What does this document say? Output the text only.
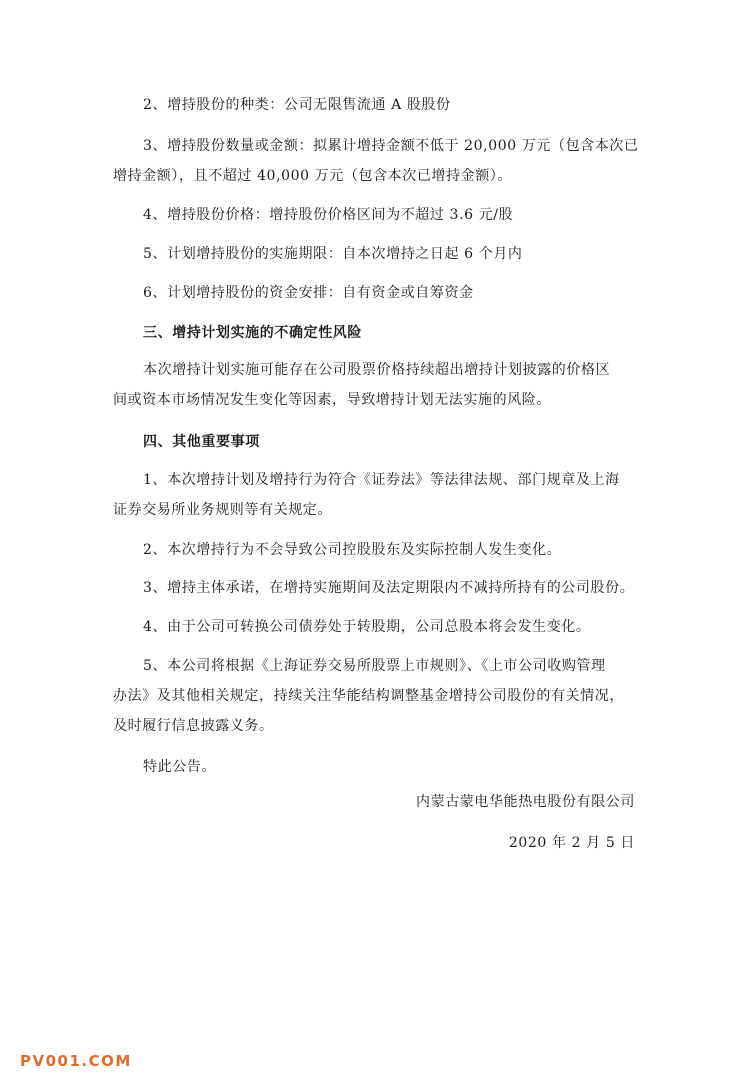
2、增持股份的种类：公司无限售流通 A 股股份

3、增持股份数量或金额：拟累计增持金额不低于 20,000 万元（包含本次已
增持金额），且不超过 40,000 万元（包含本次已增持金额）。

4、增持股份价格：增持股份价格区间为不超过 3.6 元/股

5、计划增持股份的实施期限：自本次增持之日起 6 个月内

6、计划增持股份的资金安排：自有资金或自筹资金

三、增持计划实施的不确定性风险

本次增持计划实施可能存在公司股票价格持续超出增持计划披露的价格区
间或资本市场情况发生变化等因素，导致增持计划无法实施的风险。

四、其他重要事项

1、本次增持计划及增持行为符合《证券法》等法律法规、部门规章及上海
证券交易所业务规则等有关规定。

2、本次增持行为不会导致公司控股股东及实际控制人发生变化。

3、增持主体承诺，在增持实施期间及法定期限内不减持所持有的公司股份。

4、由于公司可转换公司债券处于转股期，公司总股本将会发生变化。

5、本公司将根据《上海证券交易所股票上市规则》、《上市公司收购管理
办法》及其他相关规定，持续关注华能结构调整基金增持公司股份的有关情况，
及时履行信息披露义务。

特此公告。

内蒙古蒙电华能热电股份有限公司

2020 年 2 月 5 日

PV001.COM
